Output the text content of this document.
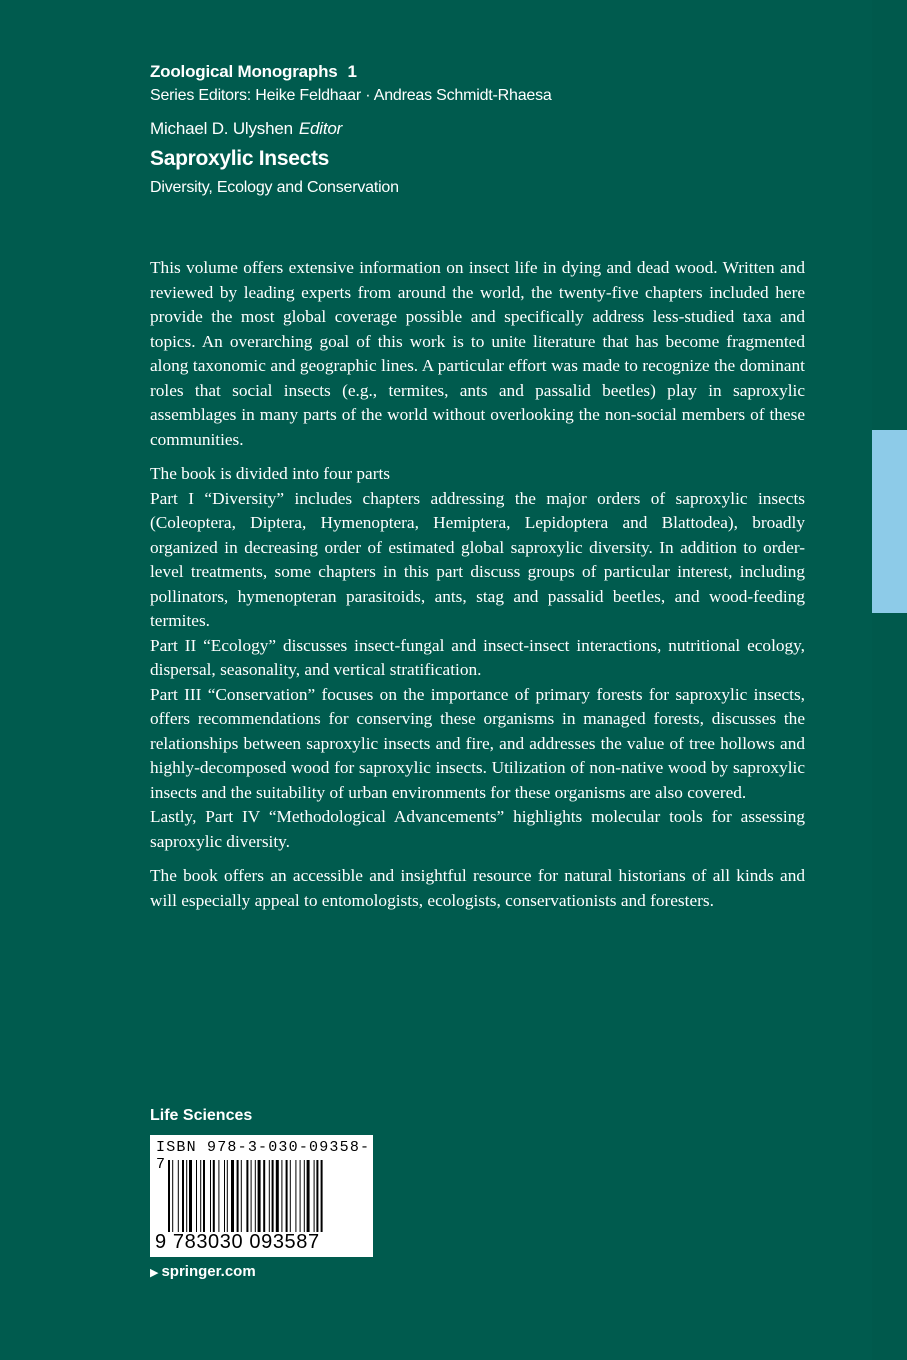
Zoological Monographs 1
Series Editors: Heike Feldhaar · Andreas Schmidt-Rhaesa
Michael D. Ulyshen Editor
Saproxylic Insects
Diversity, Ecology and Conservation

This volume offers extensive information on insect life in dying and dead wood. Written and reviewed by leading experts from around the world, the twenty-five chapters included here provide the most global coverage possible and specifically address less-studied taxa and topics. An overarching goal of this work is to unite literature that has become fragmented along taxonomic and geographic lines. A particular effort was made to recognize the dominant roles that social insects (e.g., termites, ants and passalid beetles) play in saproxylic assemblages in many parts of the world without overlooking the non-social members of these communities.

The book is divided into four parts

Part I “Diversity” includes chapters addressing the major orders of saproxylic insects (Coleoptera, Diptera, Hymenoptera, Hemiptera, Lepidoptera and Blattodea), broadly organized in decreasing order of estimated global saproxylic diversity. In addition to order-level treatments, some chapters in this part discuss groups of particular interest, including pollinators, hymenopteran parasitoids, ants, stag and passalid beetles, and wood-feeding termites.

Part II “Ecology” discusses insect-fungal and insect-insect interactions, nutritional ecology, dispersal, seasonality, and vertical stratification.

Part III “Conservation” focuses on the importance of primary forests for saproxylic insects, offers recommendations for conserving these organisms in managed forests, discusses the relationships between saproxylic insects and fire, and addresses the value of tree hollows and highly-decomposed wood for saproxylic insects. Utilization of non-native wood by saproxylic insects and the suitability of urban environments for these organisms are also covered.

Lastly, Part IV “Methodological Advancements” highlights molecular tools for assessing saproxylic diversity.

The book offers an accessible and insightful resource for natural historians of all kinds and will especially appeal to entomologists, ecologists, conservationists and foresters.

Life Sciences
ISBN 978-3-030-09358-7
9 783030 093587
▶ springer.com
